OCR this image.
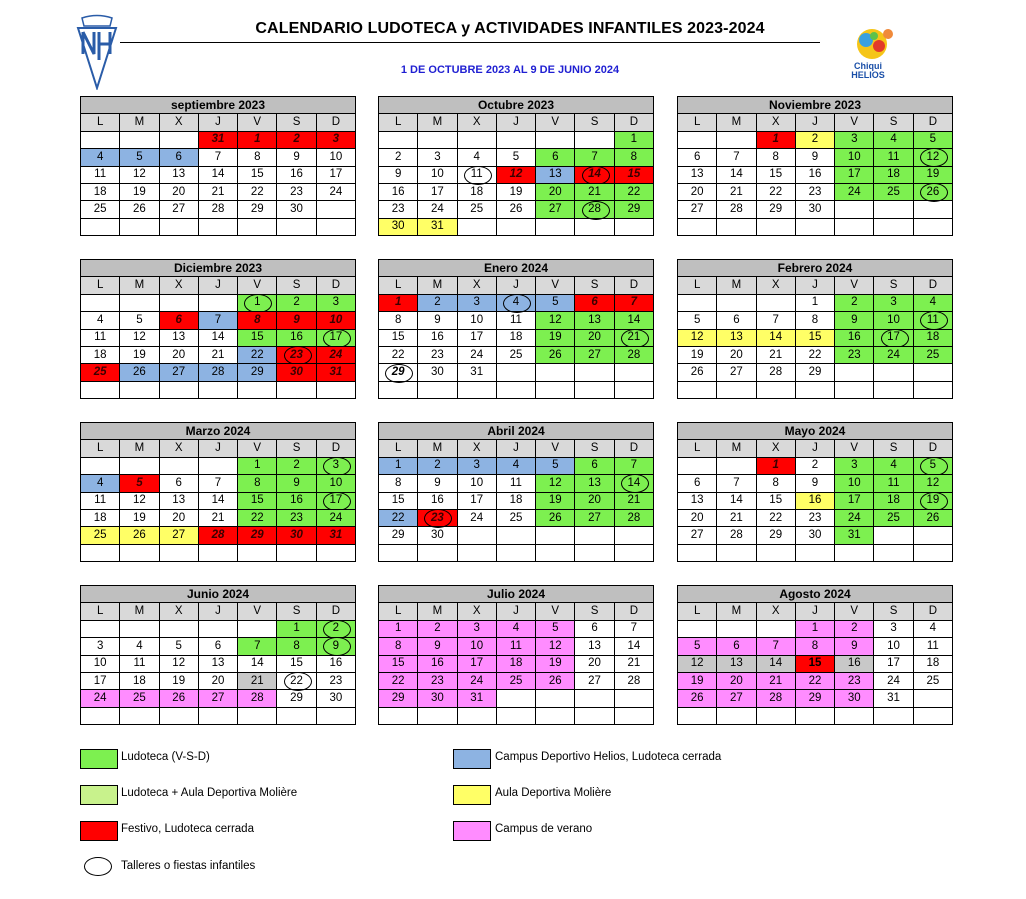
CALENDARIO LUDOTECA y ACTIVIDADES INFANTILES 2023-2024
1 DE OCTUBRE 2023 AL 9 DE JUNIO 2024	Chiqui HELIOS
septiembre 2023						
L	M	X	J	V	S	D
			31	1	2	3
4	5	6	7	8	9	10
11	12	13	14	15	16	17
18	19	20	21	22	23	24
25	26	27	28	29	30	

Octubre 2023						
L	M	X	J	V	S	D
						1
2	3	4	5	6	7	8
9	10	11	12	13	14	15
16	17	18	19	20	21	22
23	24	25	26	27	28	29
30	31					
Noviembre 2023						
L	M	X	J	V	S	D
		1	2	3	4	5
6	7	8	9	10	11	12
13	14	15	16	17	18	19
20	21	22	23	24	25	26
27	28	29	30			

Diciembre 2023						
L	M	X	J	V	S	D
				1	2	3
4	5	6	7	8	9	10
11	12	13	14	15	16	17
18	19	20	21	22	23	24
25	26	27	28	29	30	31

Enero 2024						
L	M	X	J	V	S	D
1	2	3	4	5	6	7
8	9	10	11	12	13	14
15	16	17	18	19	20	21
22	23	24	25	26	27	28
29	30	31				

Febrero 2024						
L	M	X	J	V	S	D
			1	2	3	4
5	6	7	8	9	10	11
12	13	14	15	16	17	18
19	20	21	22	23	24	25
26	27	28	29			

Marzo 2024						
L	M	X	J	V	S	D
				1	2	3
4	5	6	7	8	9	10
11	12	13	14	15	16	17
18	19	20	21	22	23	24
25	26	27	28	29	30	31

Abril 2024						
L	M	X	J	V	S	D
1	2	3	4	5	6	7
8	9	10	11	12	13	14
15	16	17	18	19	20	21
22	23	24	25	26	27	28
29	30					

Mayo 2024						
L	M	X	J	V	S	D
		1	2	3	4	5
6	7	8	9	10	11	12
13	14	15	16	17	18	19
20	21	22	23	24	25	26
27	28	29	30	31		

Junio 2024						
L	M	X	J	V	S	D
					1	2
3	4	5	6	7	8	9
10	11	12	13	14	15	16
17	18	19	20	21	22	23
24	25	26	27	28	29	30

Julio 2024						
L	M	X	J	V	S	D
1	2	3	4	5	6	7
8	9	10	11	12	13	14
15	16	17	18	19	20	21
22	23	24	25	26	27	28
29	30	31				

Agosto 2024						
L	M	X	J	V	S	D
			1	2	3	4
5	6	7	8	9	10	11
12	13	14	15	16	17	18
19	20	21	22	23	24	25
26	27	28	29	30	31	

Ludoteca (V-S-D)	Campus Deportivo Helios, Ludoteca cerrada
Ludoteca + Aula Deportiva Molière	Aula Deportiva Molière
Festivo, Ludoteca cerrada	Campus de verano
Talleres o fiestas infantiles
